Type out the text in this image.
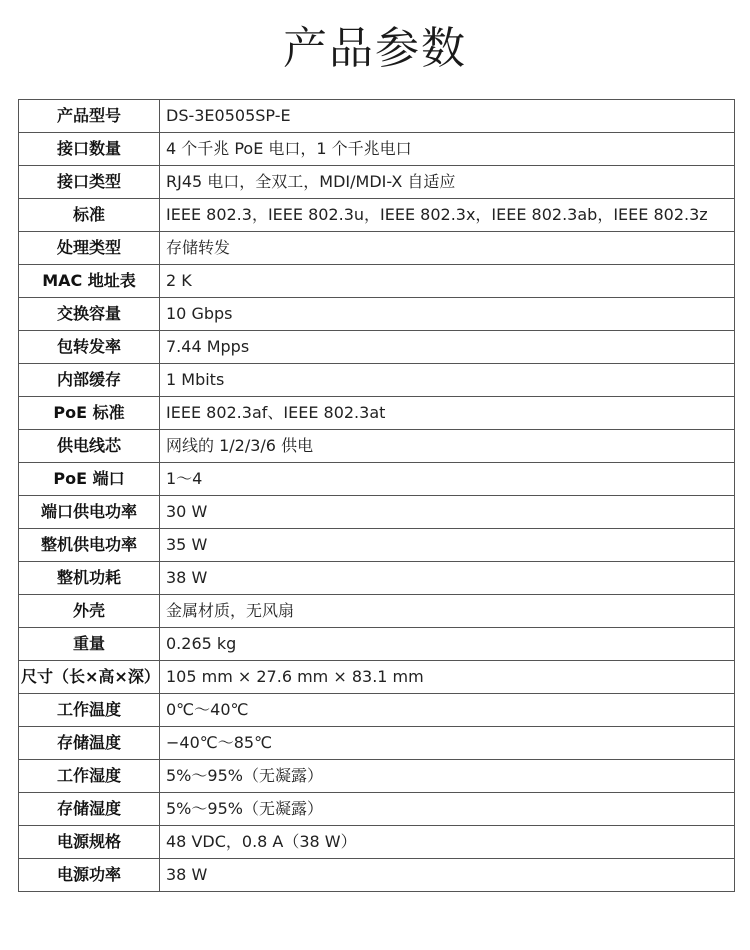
产品参数
产品型号	DS-3E0505SP-E
接口数量	4 个千兆 PoE 电口，1 个千兆电口
接口类型	RJ45 电口，全双工，MDI/MDI-X 自适应
标准	IEEE 802.3，IEEE 802.3u，IEEE 802.3x，IEEE 802.3ab，IEEE 802.3z
处理类型	存储转发
MAC 地址表	2 K
交换容量	10 Gbps
包转发率	7.44 Mpps
内部缓存	1 Mbits
PoE 标准	IEEE 802.3af、IEEE 802.3at
供电线芯	网线的 1/2/3/6 供电
PoE 端口	1～4
端口供电功率	30 W
整机供电功率	35 W
整机功耗	38 W
外壳	金属材质，无风扇
重量	0.265 kg
尺寸（长×高×深）	105 mm × 27.6 mm × 83.1 mm
工作温度	0℃～40℃
存储温度	−40℃～85℃
工作湿度	5%～95%（无凝露）
存储湿度	5%～95%（无凝露）
电源规格	48 VDC，0.8 A（38 W）
电源功率	38 W
